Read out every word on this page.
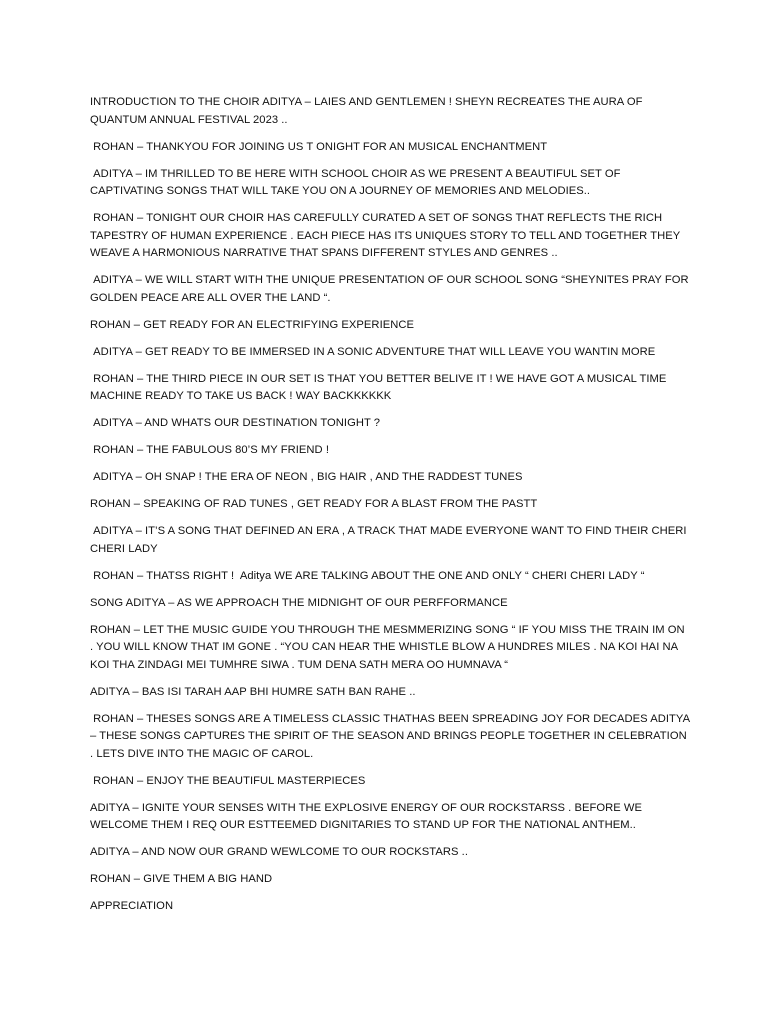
INTRODUCTION TO THE CHOIR ADITYA – LAIES AND GENTLEMEN ! SHEYN RECREATES THE AURA OF QUANTUM ANNUAL FESTIVAL 2023 ..

ROHAN – THANKYOU FOR JOINING US T ONIGHT FOR AN MUSICAL ENCHANTMENT

ADITYA – IM THRILLED TO BE HERE WITH SCHOOL CHOIR AS WE PRESENT A BEAUTIFUL SET OF CAPTIVATING SONGS THAT WILL TAKE YOU ON A JOURNEY OF MEMORIES AND MELODIES..

ROHAN – TONIGHT OUR CHOIR HAS CAREFULLY CURATED A SET OF SONGS THAT REFLECTS THE RICH TAPESTRY OF HUMAN EXPERIENCE . EACH PIECE HAS ITS UNIQUES STORY TO TELL AND TOGETHER THEY WEAVE A HARMONIOUS NARRATIVE THAT SPANS DIFFERENT STYLES AND GENRES ..

ADITYA – WE WILL START WITH THE UNIQUE PRESENTATION OF OUR SCHOOL SONG “SHEYNITES PRAY FOR GOLDEN PEACE ARE ALL OVER THE LAND “.

ROHAN – GET READY FOR AN ELECTRIFYING EXPERIENCE

ADITYA – GET READY TO BE IMMERSED IN A SONIC ADVENTURE THAT WILL LEAVE YOU WANTIN MORE

ROHAN – THE THIRD PIECE IN OUR SET IS THAT YOU BETTER BELIVE IT ! WE HAVE GOT A MUSICAL TIME MACHINE READY TO TAKE US BACK ! WAY BACKKKKKK

ADITYA – AND WHATS OUR DESTINATION TONIGHT ?

ROHAN – THE FABULOUS 80’S MY FRIEND !

ADITYA – OH SNAP ! THE ERA OF NEON , BIG HAIR , AND THE RADDEST TUNES

ROHAN – SPEAKING OF RAD TUNES , GET READY FOR A BLAST FROM THE PASTT

ADITYA – IT’S A SONG THAT DEFINED AN ERA , A TRACK THAT MADE EVERYONE WANT TO FIND THEIR CHERI CHERI LADY

ROHAN – THATSS RIGHT !  Aditya WE ARE TALKING ABOUT THE ONE AND ONLY “ CHERI CHERI LADY “

SONG ADITYA – AS WE APPROACH THE MIDNIGHT OF OUR PERFFORMANCE

ROHAN – LET THE MUSIC GUIDE YOU THROUGH THE MESMMERIZING SONG “ IF YOU MISS THE TRAIN IM ON . YOU WILL KNOW THAT IM GONE . “YOU CAN HEAR THE WHISTLE BLOW A HUNDRES MILES . NA KOI HAI NA KOI THA ZINDAGI MEI TUMHRE SIWA . TUM DENA SATH MERA OO HUMNAVA “

ADITYA – BAS ISI TARAH AAP BHI HUMRE SATH BAN RAHE ..

ROHAN – THESES SONGS ARE A TIMELESS CLASSIC THATHAS BEEN SPREADING JOY FOR DECADES ADITYA – THESE SONGS CAPTURES THE SPIRIT OF THE SEASON AND BRINGS PEOPLE TOGETHER IN CELEBRATION . LETS DIVE INTO THE MAGIC OF CAROL.

ROHAN – ENJOY THE BEAUTIFUL MASTERPIECES

ADITYA – IGNITE YOUR SENSES WITH THE EXPLOSIVE ENERGY OF OUR ROCKSTARSS . BEFORE WE WELCOME THEM I REQ OUR ESTTEEMED DIGNITARIES TO STAND UP FOR THE NATIONAL ANTHEM..

ADITYA – AND NOW OUR GRAND WEWLCOME TO OUR ROCKSTARS ..

ROHAN – GIVE THEM A BIG HAND

APPRECIATION
